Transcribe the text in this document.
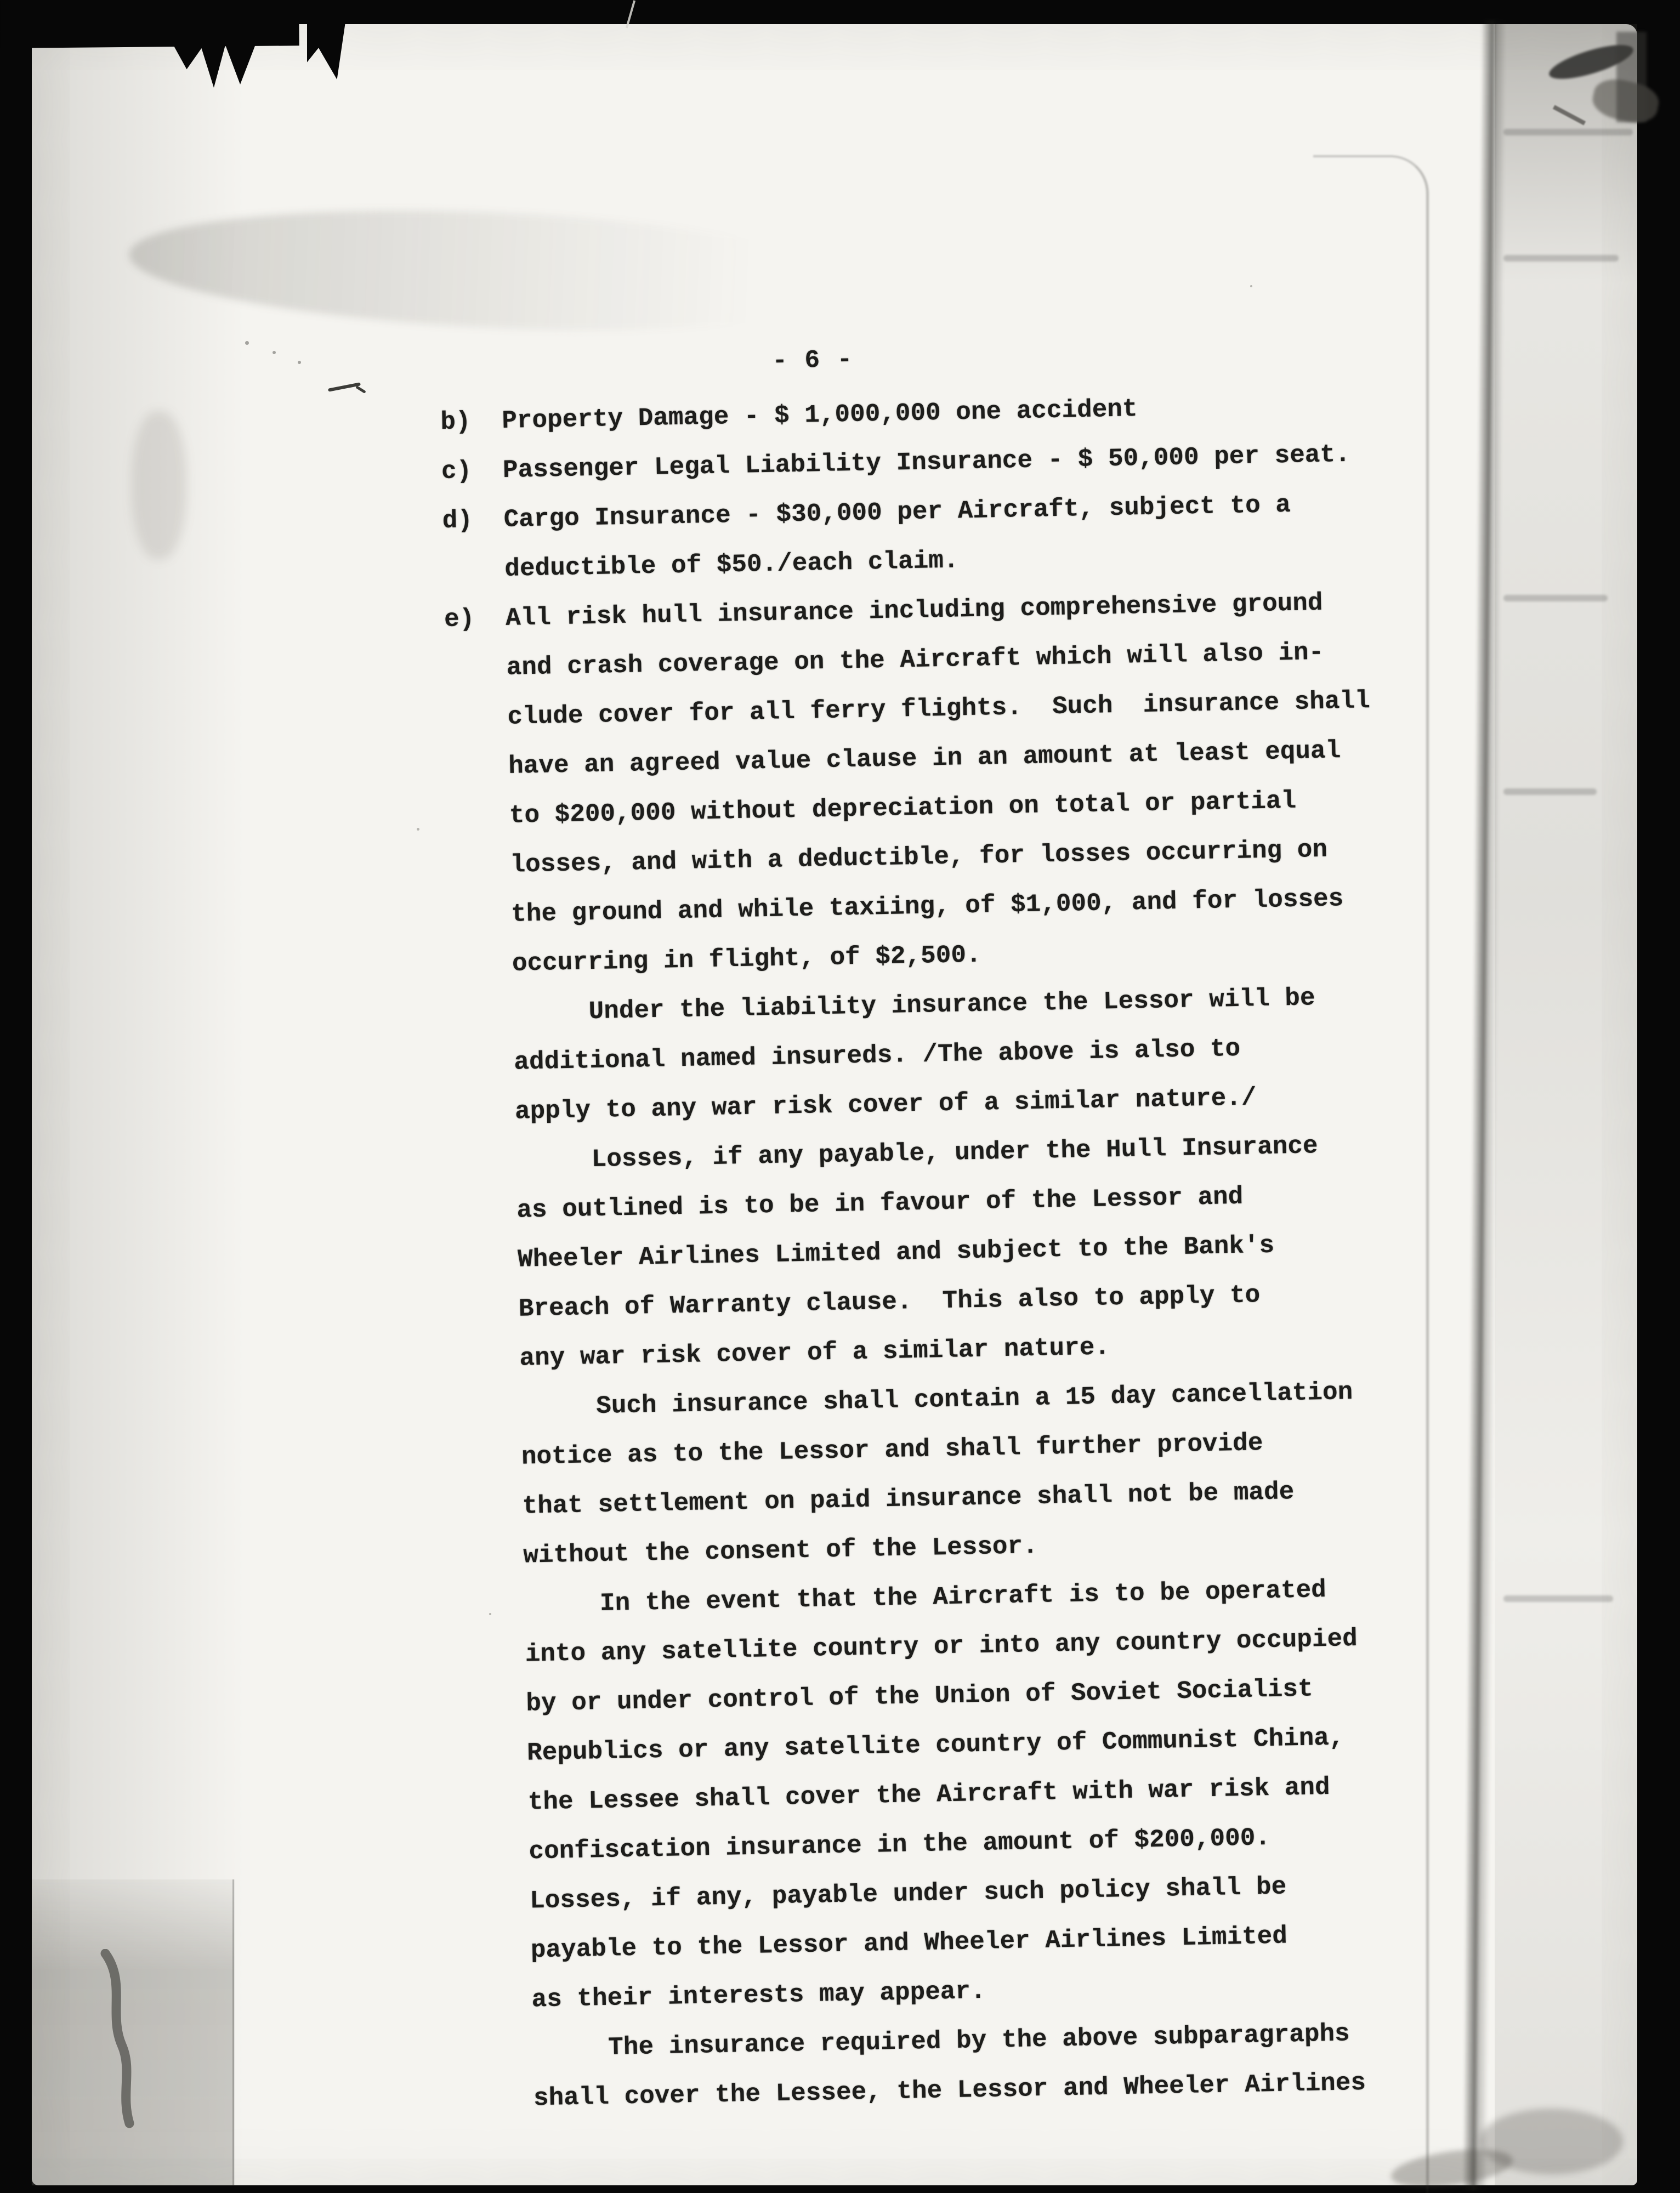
- 6 -
b) Property Damage - $ 1,000,000 one accident
c) Passenger Legal Liability Insurance - $ 50,000 per seat.
d) Cargo Insurance - $30,000 per Aircraft, subject to a
deductible of $50./each claim.
e) All risk hull insurance including comprehensive ground
and crash coverage on the Aircraft which will also in-
clude cover for all ferry flights.  Such  insurance shall
have an agreed value clause in an amount at least equal
to $200,000 without depreciation on total or partial
losses, and with a deductible, for losses occurring on
the ground and while taxiing, of $1,000, and for losses
occurring in flight, of $2,500.
Under the liability insurance the Lessor will be
additional named insureds. /The above is also to
apply to any war risk cover of a similar nature./
Losses, if any payable, under the Hull Insurance
as outlined is to be in favour of the Lessor and
Wheeler Airlines Limited and subject to the Bank's
Breach of Warranty clause.  This also to apply to
any war risk cover of a similar nature.
Such insurance shall contain a 15 day cancellation
notice as to the Lessor and shall further provide
that settlement on paid insurance shall not be made
without the consent of the Lessor.
In the event that the Aircraft is to be operated
into any satellite country or into any country occupied
by or under control of the Union of Soviet Socialist
Republics or any satellite country of Communist China,
the Lessee shall cover the Aircraft with war risk and
confiscation insurance in the amount of $200,000.
Losses, if any, payable under such policy shall be
payable to the Lessor and Wheeler Airlines Limited
as their interests may appear.
The insurance required by the above subparagraphs
shall cover the Lessee, the Lessor and Wheeler Airlines
